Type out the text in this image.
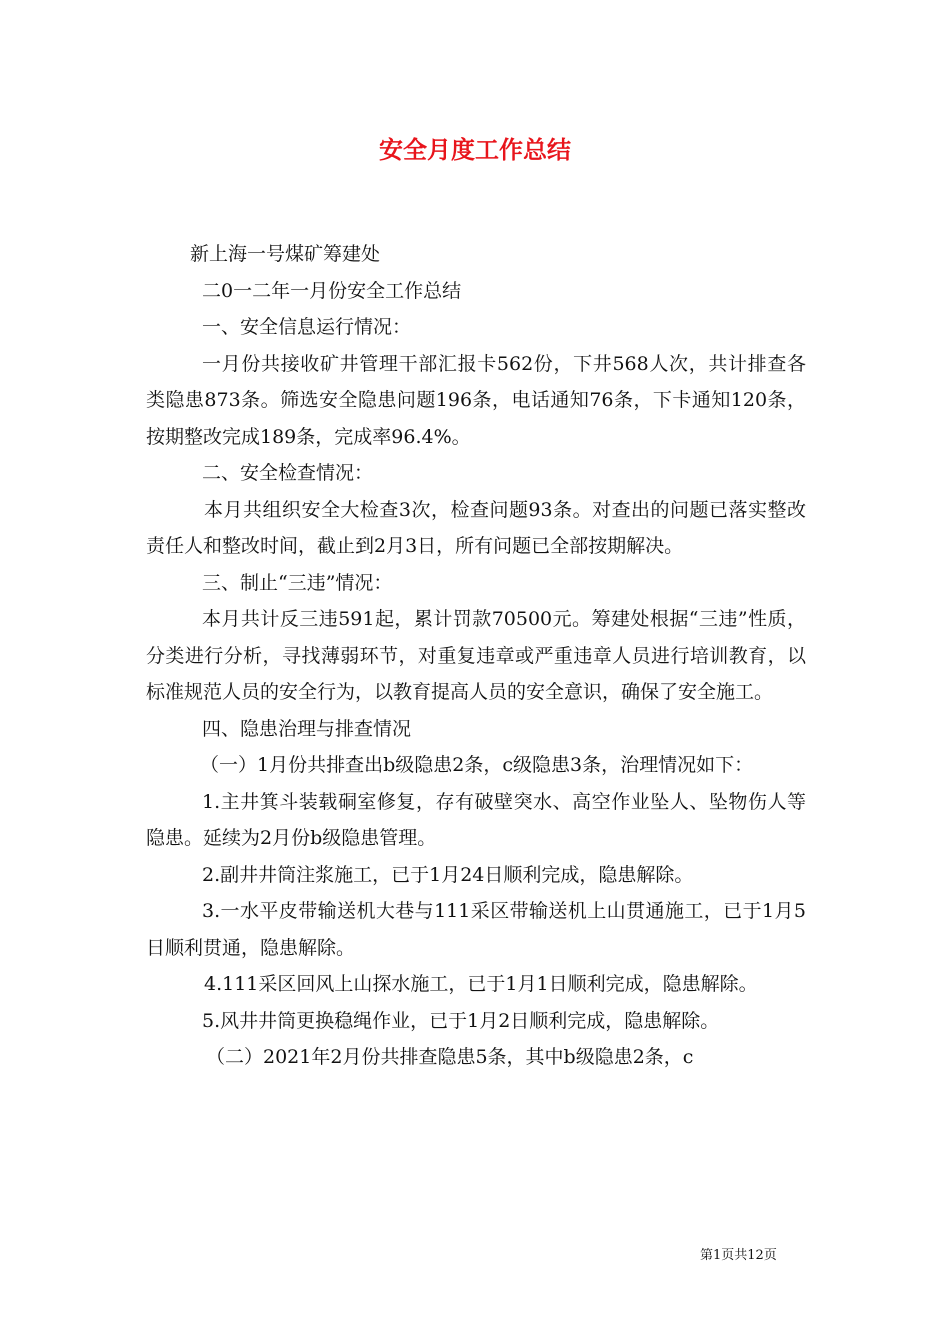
安全月度工作总结

新上海一号煤矿筹建处

二0一二年一月份安全工作总结

一、安全信息运行情况：

一月份共接收矿井管理干部汇报卡562份，下井568人次，共计排查各类隐患873条。筛选安全隐患问题196条，电话通知76条，下卡通知120条，按期整改完成189条，完成率96.4%。

二、安全检查情况：

本月共组织安全大检查3次，检查问题93条。对查出的问题已落实整改责任人和整改时间，截止到2月3日，所有问题已全部按期解决。

三、制止“三违”情况：

本月共计反三违591起，累计罚款70500元。筹建处根据“三违”性质，分类进行分析，寻找薄弱环节，对重复违章或严重违章人员进行培训教育，以标准规范人员的安全行为，以教育提高人员的安全意识，确保了安全施工。

四、隐患治理与排查情况

（一）1月份共排查出b级隐患2条，c级隐患3条，治理情况如下：

1.主井箕斗装载硐室修复，存有破壁突水、高空作业坠人、坠物伤人等隐患。延续为2月份b级隐患管理。

2.副井井筒注浆施工，已于1月24日顺利完成，隐患解除。

3.一水平皮带输送机大巷与111采区带输送机上山贯通施工，已于1月5日顺利贯通，隐患解除。

4.111采区回风上山探水施工，已于1月1日顺利完成，隐患解除。

5.风井井筒更换稳绳作业，已于1月2日顺利完成，隐患解除。

（二）2021年2月份共排查隐患5条，其中b级隐患2条，c

第1页共12页
